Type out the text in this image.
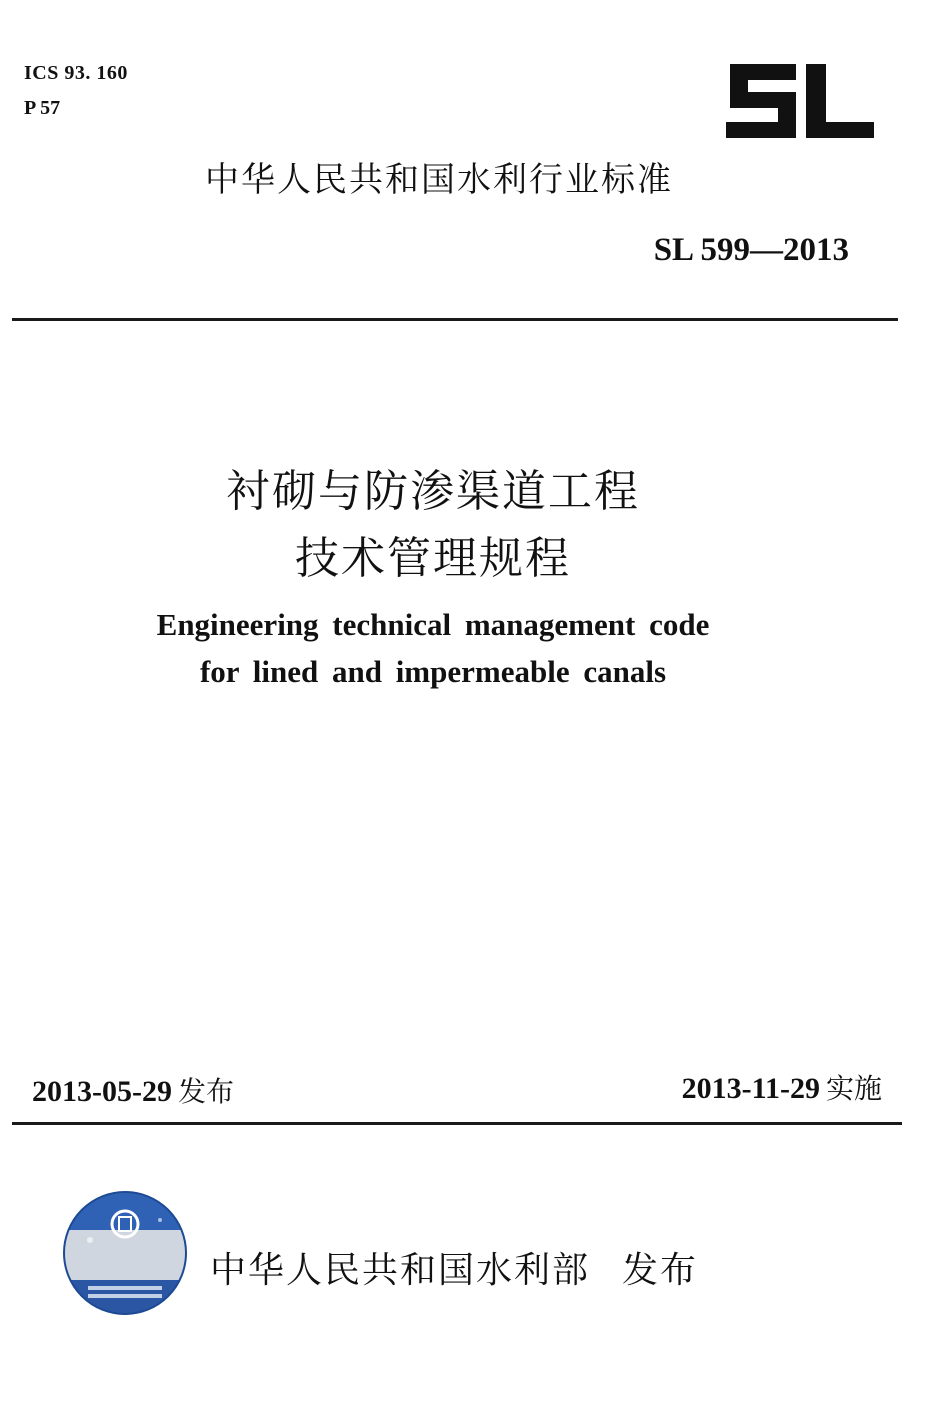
ICS 93. 160
P 57
中华人民共和国水利行业标准
SL 599—2013
衬砌与防渗渠道工程
技术管理规程
Engineering technical management code
for lined and impermeable canals
2013-05-29 发布	2013-11-29 实施
中华人民共和国水利部 发布
